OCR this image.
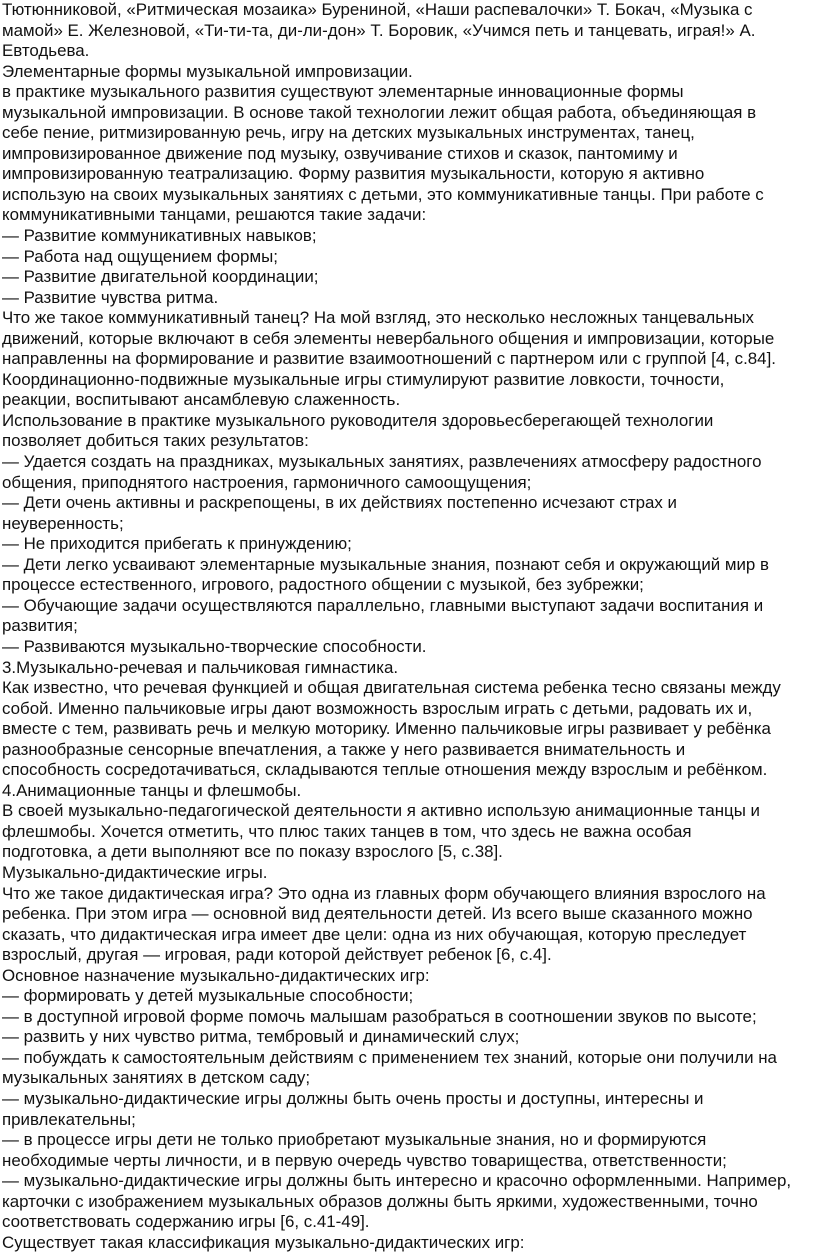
Тютюнниковой, «Ритмическая мозаика» Бурениной, «Наши распевалочки» Т. Бокач, «Музыка с
мамой» Е. Железновой, «Ти-ти-та, ди-ли-дон» Т. Боровик, «Учимся петь и танцевать, играя!» А.
Евтодьева.
Элементарные формы музыкальной импровизации.
в практике музыкального развития существуют элементарные инновационные формы
музыкальной импровизации. В основе такой технологии лежит общая работа, объединяющая в
себе пение, ритмизированную речь, игру на детских музыкальных инструментах, танец,
импровизированное движение под музыку, озвучивание стихов и сказок, пантомиму и
импровизированную театрализацию. Форму развития музыкальности, которую я активно
использую на своих музыкальных занятиях с детьми, это коммуникативные танцы. При работе с
коммуникативными танцами, решаются такие задачи:
— Развитие коммуникативных навыков;
— Работа над ощущением формы;
— Развитие двигательной координации;
— Развитие чувства ритма.
Что же такое коммуникативный танец? На мой взгляд, это несколько несложных танцевальных
движений, которые включают в себя элементы невербального общения и импровизации, которые
направленны на формирование и развитие взаимоотношений с партнером или с группой [4, с.84].
Координационно-подвижные музыкальные игры стимулируют развитие ловкости, точности,
реакции, воспитывают ансамблевую слаженность.
Использование в практике музыкального руководителя здоровьесберегающей технологии
позволяет добиться таких результатов:
— Удается создать на праздниках, музыкальных занятиях, развлечениях атмосферу радостного
общения, приподнятого настроения, гармоничного самоощущения;
— Дети очень активны и раскрепощены, в их действиях постепенно исчезают страх и
неуверенность;
— Не приходится прибегать к принуждению;
— Дети легко усваивают элементарные музыкальные знания, познают себя и окружающий мир в
процессе естественного, игрового, радостного общении с музыкой, без зубрежки;
— Обучающие задачи осуществляются параллельно, главными выступают задачи воспитания и
развития;
— Развиваются музыкально-творческие способности.
3.Музыкально-речевая и пальчиковая гимнастика.
Как известно, что речевая функцией и общая двигательная система ребенка тесно связаны между
собой. Именно пальчиковые игры дают возможность взрослым играть с детьми, радовать их и,
вместе с тем, развивать речь и мелкую моторику. Именно пальчиковые игры развивает у ребёнка
разнообразные сенсорные впечатления, а также у него развивается внимательность и
способность сосредотачиваться, складываются теплые отношения между взрослым и ребёнком.
4.Анимационные танцы и флешмобы.
В своей музыкально-педагогической деятельности я активно использую анимационные танцы и
флешмобы. Хочется отметить, что плюс таких танцев в том, что здесь не важна особая
подготовка, а дети выполняют все по показу взрослого [5, с.38].
Музыкально-дидактические игры.
Что же такое дидактическая игра? Это одна из главных форм обучающего влияния взрослого на
ребенка. При этом игра — основной вид деятельности детей. Из всего выше сказанного можно
сказать, что дидактическая игра имеет две цели: одна из них обучающая, которую преследует
взрослый, другая — игровая, ради которой действует ребенок [6, с.4].
Основное назначение музыкально-дидактических игр:
— формировать у детей музыкальные способности;
— в доступной игровой форме помочь малышам разобраться в соотношении звуков по высоте;
— развить у них чувство ритма, тембровый и динамический слух;
— побуждать к самостоятельным действиям с применением тех знаний, которые они получили на
музыкальных занятиях в детском саду;
— музыкально-дидактические игры должны быть очень просты и доступны, интересны и
привлекательны;
— в процессе игры дети не только приобретают музыкальные знания, но и формируются
необходимые черты личности, и в первую очередь чувство товарищества, ответственности;
— музыкально-дидактические игры должны быть интересно и красочно оформленными. Например,
карточки с изображением музыкальных образов должны быть яркими, художественными, точно
соответствовать содержанию игры [6, с.41-49].
Существует такая классификация музыкально-дидактических игр:
